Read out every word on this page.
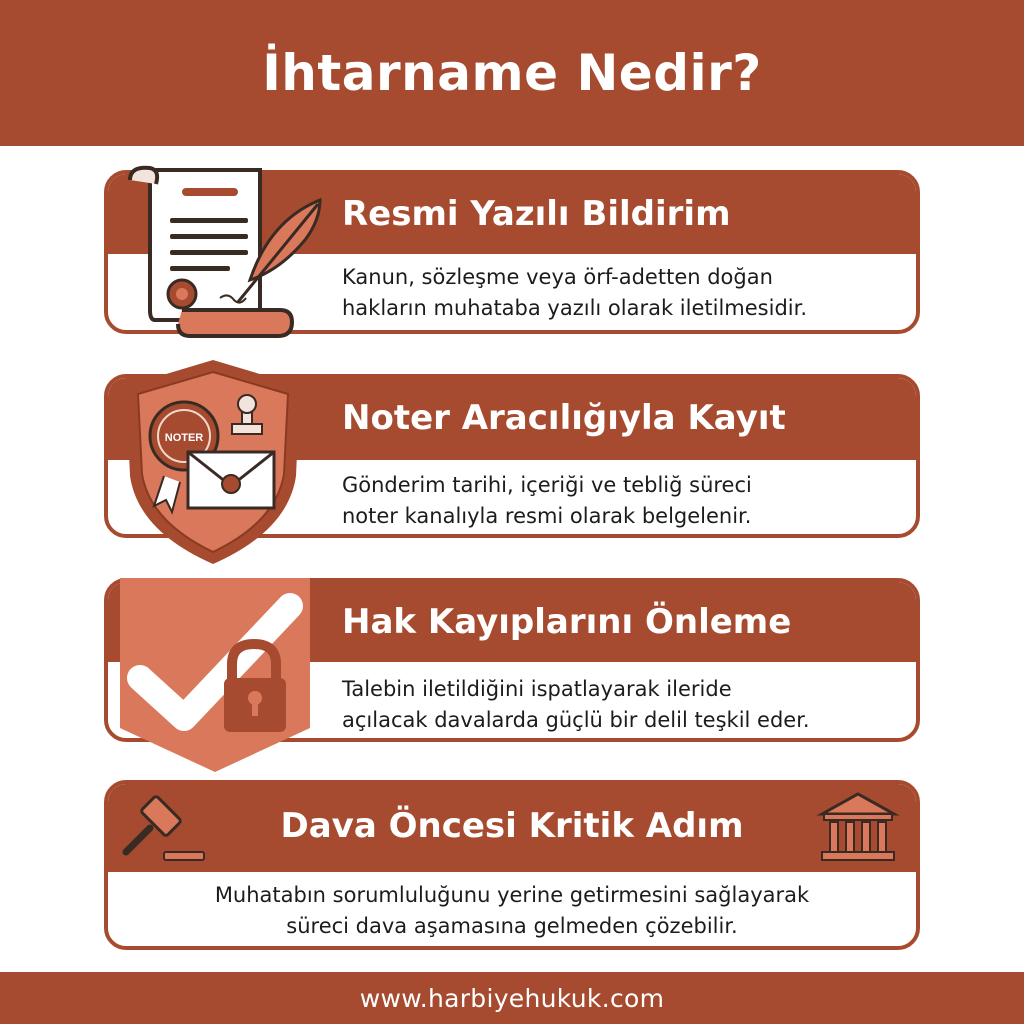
İhtarname Nedir?
Resmi Yazılı Bildirim
Kanun, sözleşme veya örf-adetten doğan
hakların muhataba yazılı olarak iletilmesidir.
Noter Aracılığıyla Kayıt
Gönderim tarihi, içeriği ve tebliğ süreci
noter kanalıyla resmi olarak belgelenir.
NOTER
Hak Kayıplarını Önleme
Talebin iletildiğini ispatlayarak ileride
açılacak davalarda güçlü bir delil teşkil eder.
Dava Öncesi Kritik Adım
Muhatabın sorumluluğunu yerine getirmesini sağlayarak
süreci dava aşamasına gelmeden çözebilir.
www.harbiyehukuk.com
